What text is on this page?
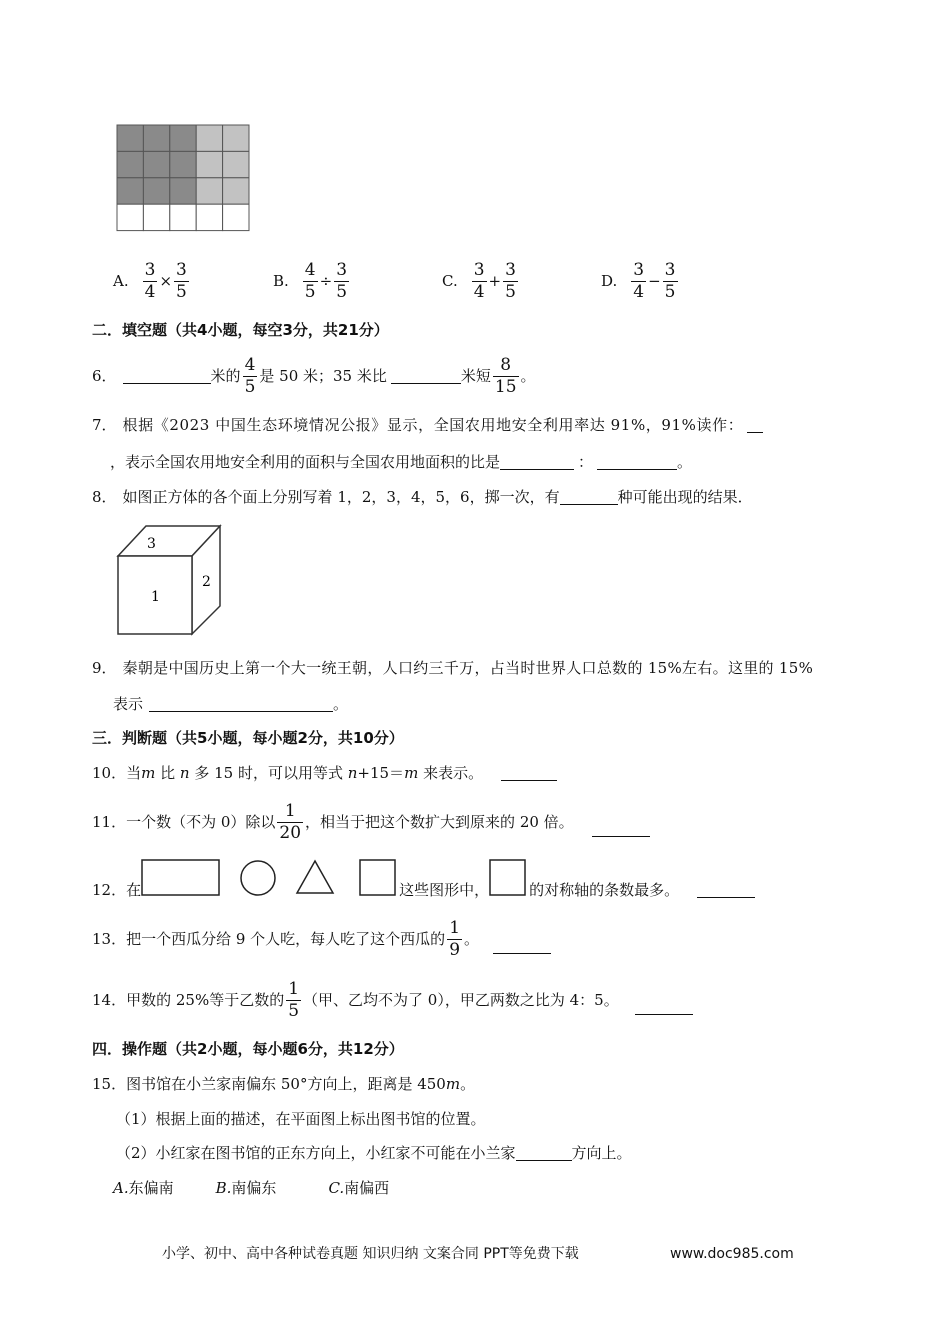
A. $\frac{3}{4} \times \frac{3}{5}$	B. $\frac{4}{5} \div \frac{3}{5}$	C. $\frac{3}{4} + \frac{3}{5}$	D. $\frac{3}{4} - \frac{3}{5}$
二．填空题（共4小题，每空3分，共21分）
6．	米的 $\frac{4}{5}$ 是 50 米；35 米比	米短 $\frac{8}{15}$ 。
7． 根据《2023 中国生态环境情况公报》显示，全国农用地安全利用率达 91%，91%读作：
，表示全国农用地安全利用的面积与全国农用地面积的比是	：	。
8． 如图正方体的各个面上分别写着 1，2，3，4，5，6，掷一次，有	种可能出现的结果．
3
1
2
9． 秦朝是中国历史上第一个大一统王朝，人口约三千万，占当时世界人口总数的 15%左右。这里的 15%
表示	。
三．判断题（共5小题，每小题2分，共10分）
10． 当 m 比 n 多 15 时，可以用等式 n +15＝ m 来表示。
11． 一个数（不为 0）除以 $\frac{1}{20}$ ，相当于把这个数扩大到原来的 20 倍。
12． 在	这些图形中，	的对称轴的条数最多。
13． 把一个西瓜分给 9 个人吃，每人吃了这个西瓜的 $\frac{1}{9}$ 。
14． 甲数的 25%等于乙数的 $\frac{1}{5}$ （甲、乙均不为了 0），甲乙两数之比为 4：5。
四．操作题（共2小题，每小题6分，共12分）
15． 图书馆在小兰家南偏东 50°方向上，距离是 450 m 。
（1）根据上面的描述，在平面图上标出图书馆的位置。
（2）小红家在图书馆的正东方向上，小红家不可能在小兰家	方向上。
A.东偏南	B.南偏东	C.南偏西
小学、初中、高中各种试卷真题 知识归纳 文案合同 PPT等免费下载	www.doc985.com
